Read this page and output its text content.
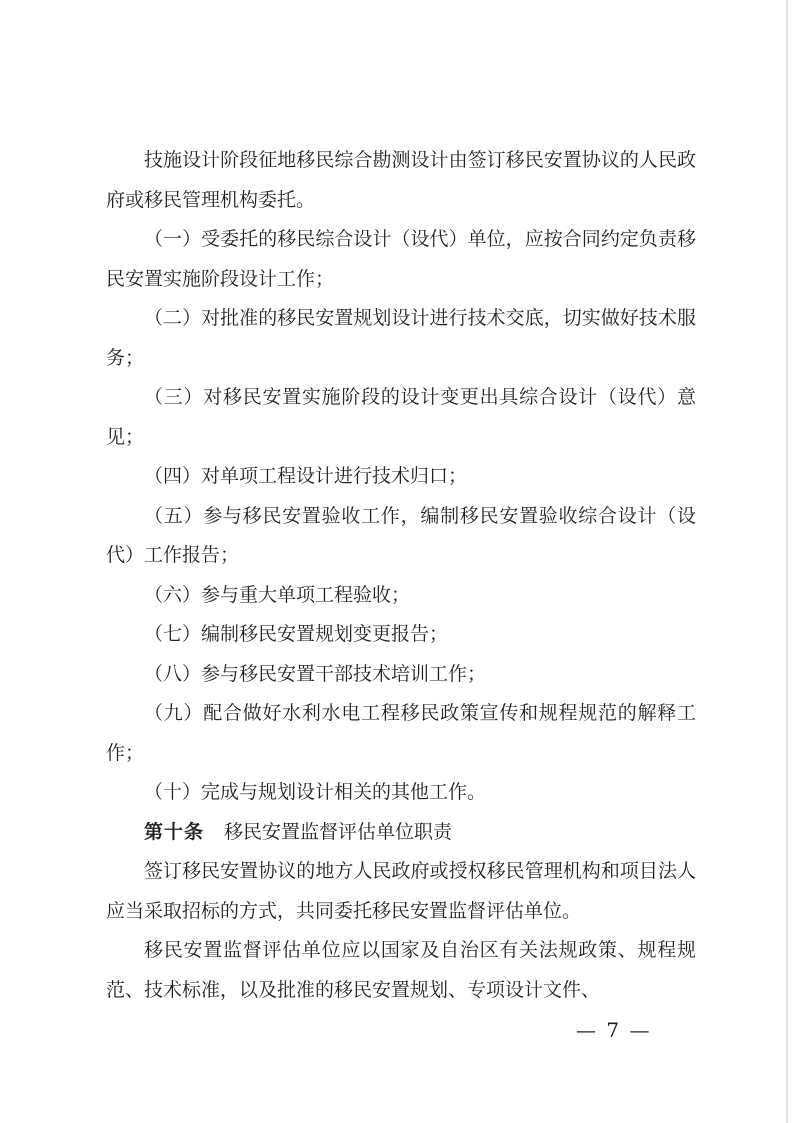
技施设计阶段征地移民综合勘测设计由签订移民安置协议的人民政府或移民管理机构委托。

（一）受委托的移民综合设计（设代）单位，应按合同约定负责移民安置实施阶段设计工作；

（二）对批准的移民安置规划设计进行技术交底，切实做好技术服务；

（三）对移民安置实施阶段的设计变更出具综合设计（设代）意见；

（四）对单项工程设计进行技术归口；

（五）参与移民安置验收工作，编制移民安置验收综合设计（设代）工作报告；

（六）参与重大单项工程验收；

（七）编制移民安置规划变更报告；

（八）参与移民安置干部技术培训工作；

（九）配合做好水利水电工程移民政策宣传和规程规范的解释工作；

（十）完成与规划设计相关的其他工作。

第十条 移民安置监督评估单位职责

签订移民安置协议的地方人民政府或授权移民管理机构和项目法人应当采取招标的方式，共同委托移民安置监督评估单位。

移民安置监督评估单位应以国家及自治区有关法规政策、规程规范、技术标准，以及批准的移民安置规划、专项设计文件、

— 7 —
